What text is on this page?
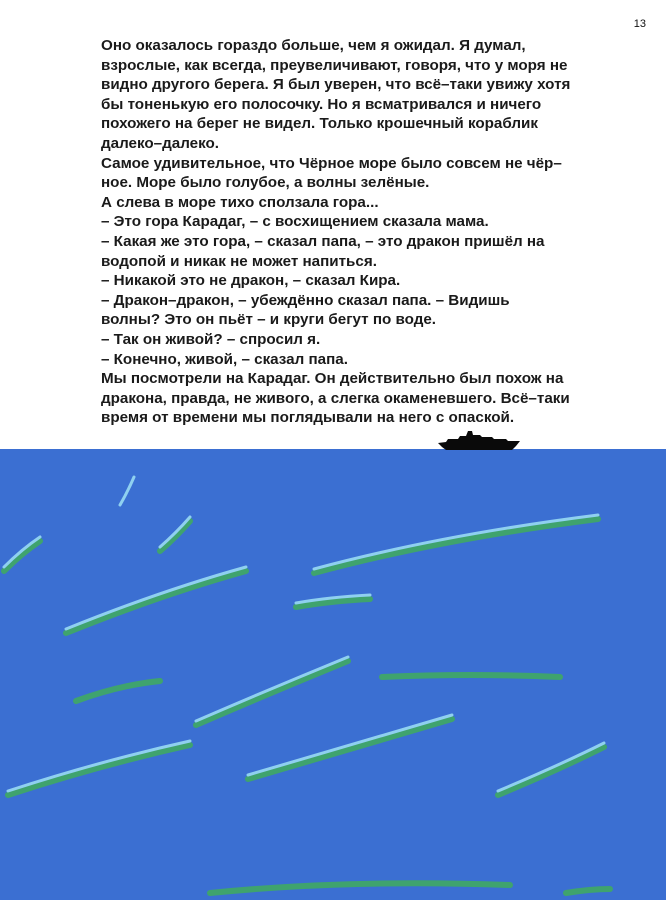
13
Оно оказалось гораздо больше, чем я ожидал. Я думал,
взрослые, как всегда, преувеличивают, говоря, что у моря не
видно другого берега. Я был уверен, что всё–таки увижу хотя
бы тоненькую его полосочку. Но я всматривался и ничего
похожего на берег не видел. Только крошечный кораблик
далеко–далеко.
Самое удивительное, что Чёрное море было совсем не чёр–
ное. Море было голубое, а волны зелёные.
А слева в море тихо сползала гора...
– Это гора Карадаг, – с восхищением сказала мама.
– Какая же это гора, – сказал папа, – это дракон пришёл на
водопой и никак не может напиться.
– Никакой это не дракон, – сказал Кира.
– Дракон–дракон, – убеждённо сказал папа. – Видишь
волны? Это он пьёт – и круги бегут по воде.
– Так он живой? – спросил я.
– Конечно, живой, – сказал папа.
Мы посмотрели на Карадаг. Он действительно был похож на
дракона, правда, не живого, а слегка окаменевшего. Всё–таки
время от времени мы поглядывали на него с опаской.
